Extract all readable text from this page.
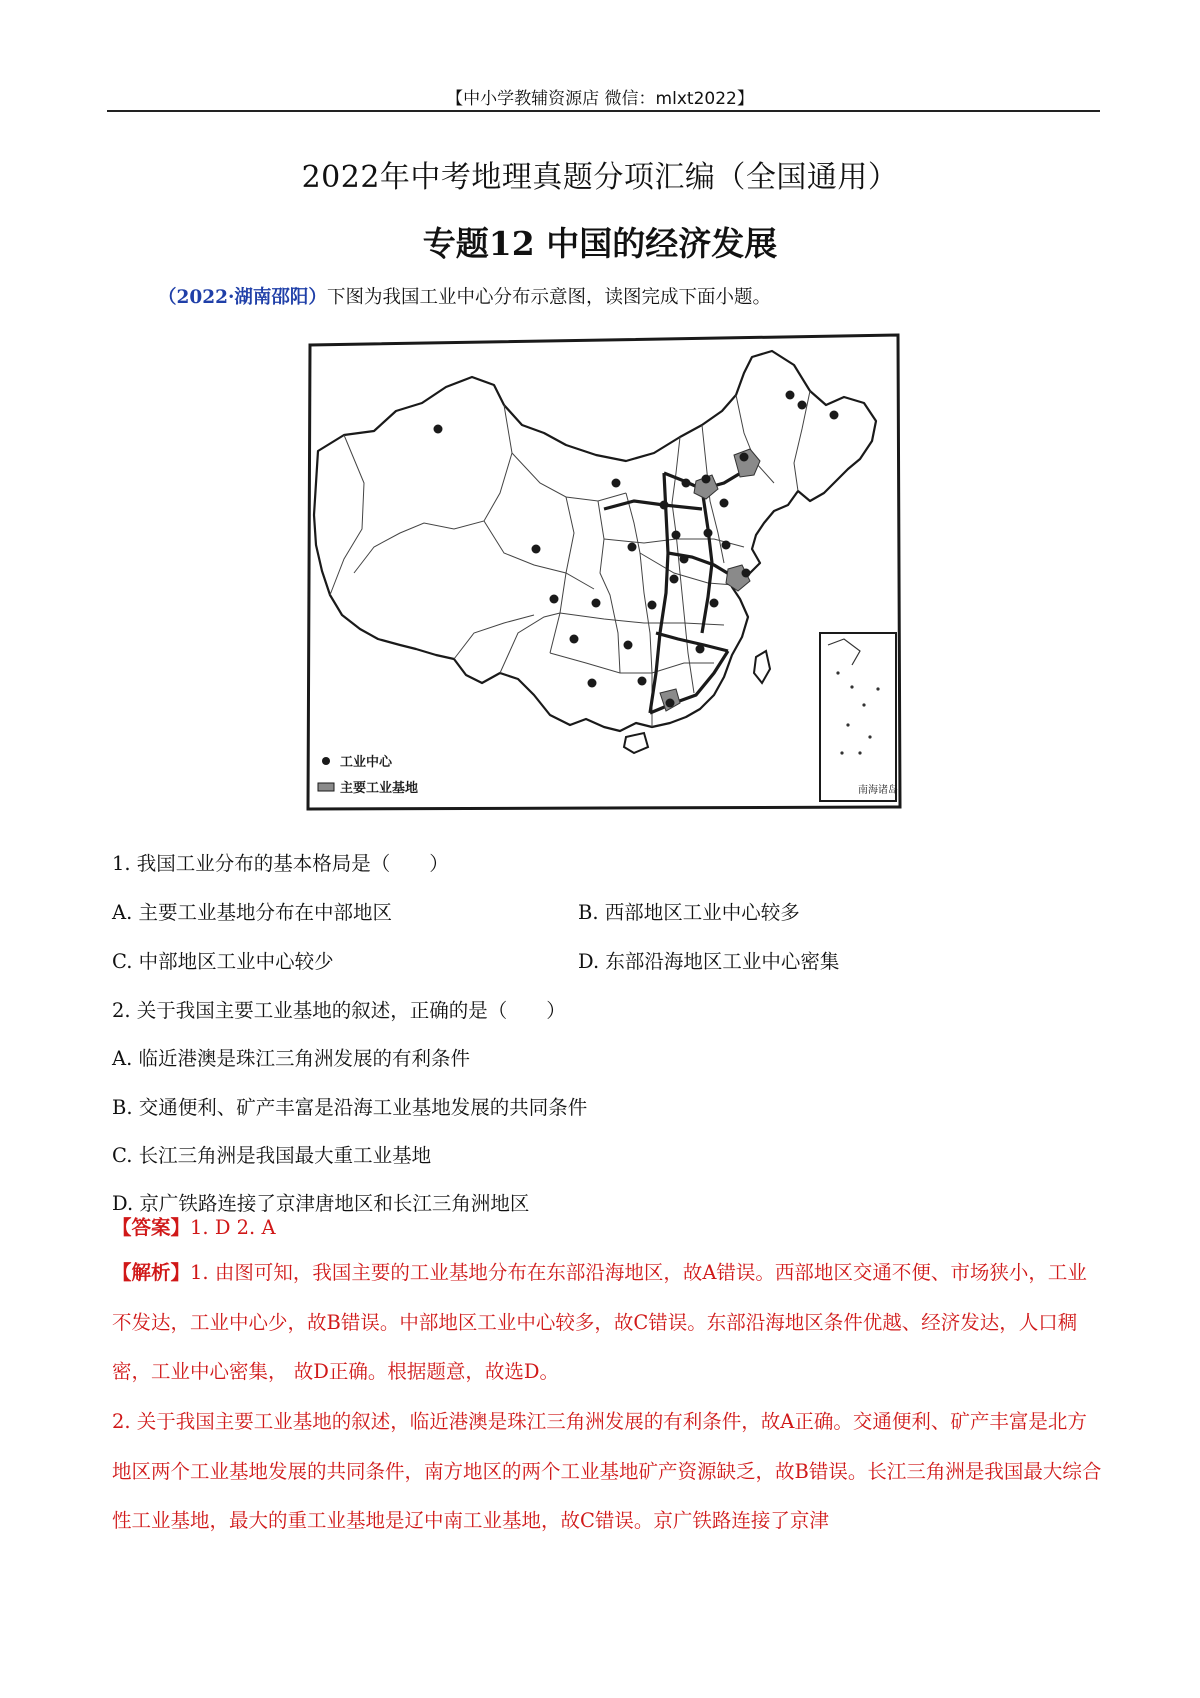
【中小学教辅资源店 微信：mlxt2022】
2022年中考地理真题分项汇编（全国通用）
专题12 中国的经济发展
（2022·湖南邵阳）下图为我国工业中心分布示意图，读图完成下面小题。
工业中心
主要工业基地	南海诸岛
1. 我国工业分布的基本格局是（　　）
A. 主要工业基地分布在中部地区	B. 西部地区工业中心较多
C. 中部地区工业中心较少	D. 东部沿海地区工业中心密集
2. 关于我国主要工业基地的叙述，正确的是（　　）
A. 临近港澳是珠江三角洲发展的有利条件
B. 交通便利、矿产丰富是沿海工业基地发展的共同条件
C. 长江三角洲是我国最大重工业基地
D. 京广铁路连接了京津唐地区和长江三角洲地区
【答案】1. D 2. A
【解析】1. 由图可知，我国主要的工业基地分布在东部沿海地区，故A错误。西部地区交通不便、市场狭小，工业不发达，工业中心少，故B错误。中部地区工业中心较多，故C错误。东部沿海地区条件优越、经济发达，人口稠密，工业中心密集， 故D正确。根据题意，故选D。
2. 关于我国主要工业基地的叙述，临近港澳是珠江三角洲发展的有利条件，故A正确。交通便利、矿产丰富是北方地区两个工业基地发展的共同条件，南方地区的两个工业基地矿产资源缺乏，故B错误。长江三角洲是我国最大综合性工业基地，最大的重工业基地是辽中南工业基地，故C错误。京广铁路连接了京津
